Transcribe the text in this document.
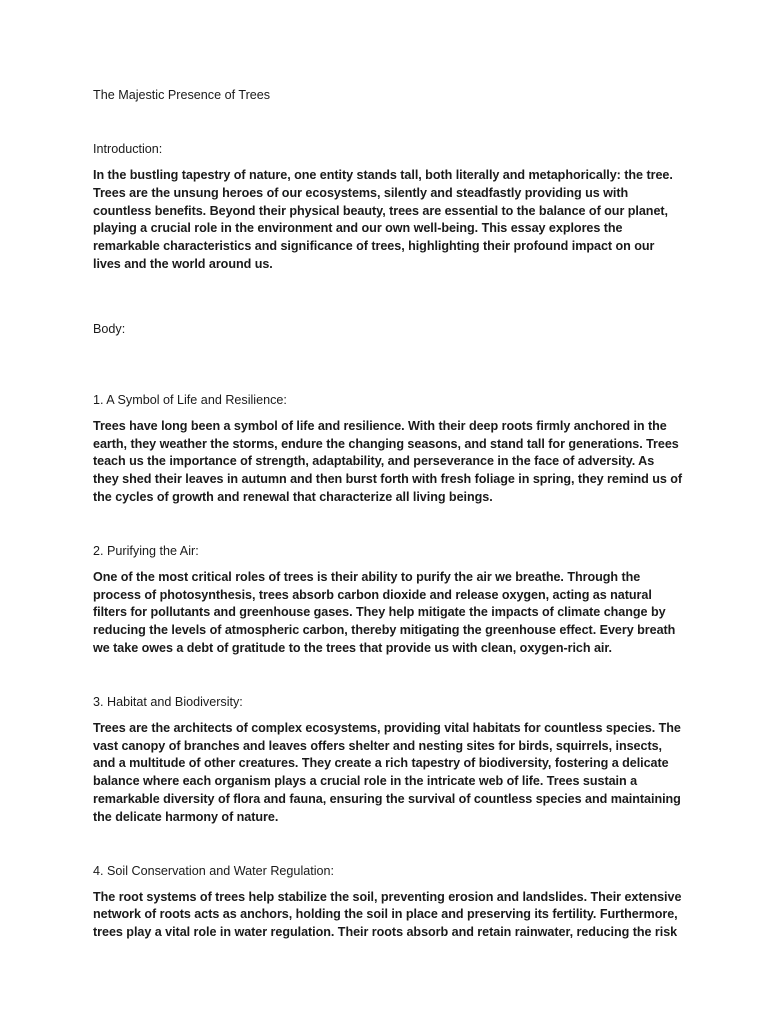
The Majestic Presence of Trees
Introduction:

In the bustling tapestry of nature, one entity stands tall, both literally and metaphorically: the tree. Trees are the unsung heroes of our ecosystems, silently and steadfastly providing us with countless benefits. Beyond their physical beauty, trees are essential to the balance of our planet, playing a crucial role in the environment and our own well-being. This essay explores the remarkable characteristics and significance of trees, highlighting their profound impact on our lives and the world around us.

Body:
1. A Symbol of Life and Resilience:

Trees have long been a symbol of life and resilience. With their deep roots firmly anchored in the earth, they weather the storms, endure the changing seasons, and stand tall for generations. Trees teach us the importance of strength, adaptability, and perseverance in the face of adversity. As they shed their leaves in autumn and then burst forth with fresh foliage in spring, they remind us of the cycles of growth and renewal that characterize all living beings.

2. Purifying the Air:

One of the most critical roles of trees is their ability to purify the air we breathe. Through the process of photosynthesis, trees absorb carbon dioxide and release oxygen, acting as natural filters for pollutants and greenhouse gases. They help mitigate the impacts of climate change by reducing the levels of atmospheric carbon, thereby mitigating the greenhouse effect. Every breath we take owes a debt of gratitude to the trees that provide us with clean, oxygen-rich air.

3. Habitat and Biodiversity:

Trees are the architects of complex ecosystems, providing vital habitats for countless species. The vast canopy of branches and leaves offers shelter and nesting sites for birds, squirrels, insects, and a multitude of other creatures. They create a rich tapestry of biodiversity, fostering a delicate balance where each organism plays a crucial role in the intricate web of life. Trees sustain a remarkable diversity of flora and fauna, ensuring the survival of countless species and maintaining the delicate harmony of nature.

4. Soil Conservation and Water Regulation:

The root systems of trees help stabilize the soil, preventing erosion and landslides. Their extensive network of roots acts as anchors, holding the soil in place and preserving its fertility. Furthermore, trees play a vital role in water regulation. Their roots absorb and retain rainwater, reducing the risk
